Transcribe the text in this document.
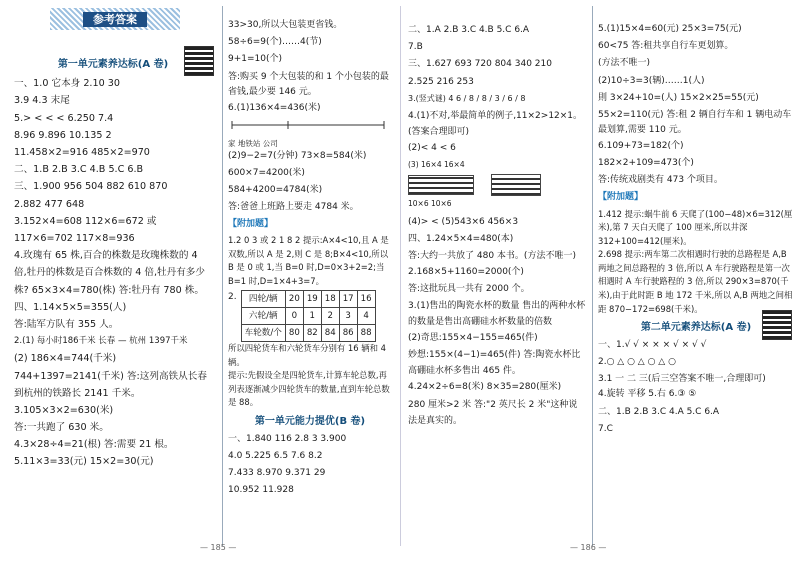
参考答案
第一单元素养达标(A 卷)
一、1.0 它本身 2.10 30
3.9 4.3 末尾
5.> < < < 6.250 7.4
8.96 9.896 10.135 2
11.458×2=916 485×2=970
二、1.B 2.B 3.C 4.B 5.C 6.B
三、1.900 956 504 882 610 870
2.882 477 648
3.152×4=608 112×6=672 或 117×6=702 117×8=936
4.玫瑰有 65 株,百合的株数是玫瑰株数的 4 倍,牡丹的株数是百合株数的 4 倍,牡丹有多少株? 65×3×4=780(株) 答:牡丹有 780 株。
四、1.14×5×5=355(人)
答:陆军方队有 355 人。
2.(1) 每小时186千米 长春 — 杭州 1397千米
(2) 186×4=744(千米) 744+1397=2141(千米) 答:这列高铁从长春到杭州的铁路长 2141 千米。
3.105×3×2=630(米)
答:一共跑了 630 米。
4.3×28÷4=21(根) 答:需要 21 根。
5.11×3=33(元) 15×2=30(元)
33>30,所以大包装更省钱。
58÷6=9(个)……4(节)
9+1=10(个)
答:购买 9 个大包装的和 1 个小包装的最省钱,最少要 146 元。
6.(1)136×4=436(米)
家 地铁站 公司
(2)9−2=7(分钟) 73×8=584(米)
600×7=4200(米)
584+4200=4784(米)
答:爸爸上班路上要走 4784 米。
【附加题】
1.2 0 3 或 2 1 8 2 提示:A×4<10,且 A 是双数,所以 A 是 2,则 C 是 8;B×4<10,所以 B 是 0 或 1,当 B=0 时,D=0×3+2=2;当 B=1 时,D=1×4+3=7。
2. 四轮/辆	20	19	18	17	16
六轮/辆	0	1	2	3	4
车轮数/个	80	82	84	86	88
所以四轮货车和六轮货车分别有 16 辆和 4 辆。
提示:先假设全是四轮货车,计算车轮总数,再列表逐渐减少四轮货车的数量,直到车轮总数是 88。
第一单元能力提优(B 卷)
一、1.840 116 2.8 3 3.900
4.0 5.225 6.5 7.6 8.2
7.433 8.970 9.371 29
10.952 11.928
— 185 —
二、1.A 2.B 3.C 4.B 5.C 6.A
7.B
三、1.627 693 720 804 340 210
2.525 216 253
3.(竖式谜) 4 6 / 8 / 8 / 3 / 6 / 8
4.(1)不对,举最简单的例子,11×2>12×1。(答案合理即可)
(2)< 4 < 6
(3) 16×4 16×4

10×6 10×6
(4)> < (5)543×6 456×3
四、1.24×5×4=480(本)
答:大约一共放了 480 本书。(方法不唯一)
2.168×5+1160=2000(个)
答:这批玩具一共有 2000 个。
3.(1)售出的陶瓷水杯的数量 售出的两种水杯的数量是售出高硼硅水杯数量的倍数
(2)奇思:155×4−155=465(件)
妙想:155×(4−1)=465(件) 答:陶瓷水杯比高硼硅水杯多售出 465 件。
4.24×2÷6=8(米) 8×35=280(厘米)
280 厘米>2 米 答:"2 英尺长 2 米"这种说法是真实的。
5.(1)15×4=60(元) 25×3=75(元)
60<75 答:租共享自行车更划算。
(方法不唯一)
(2)10÷3=3(辆)……1(人)
則 3×24+10=(人) 15×2×25=55(元)
55×2=110(元) 答:租 2 辆自行车和 1 辆电动车最划算,需要 110 元。
6.109+73=182(个)
182×2+109=473(个)
答:传统戏剧类有 473 个项目。
【附加题】
1.412 提示:蜗牛前 6 天爬了(100−48)×6=312(厘米),第 7 天白天爬了 100 厘米,所以井深 312+100=412(厘米)。
2.698 提示:两车第二次相遇时行驶的总路程是 A,B 两地之间总路程的 3 倍,所以 A 车行驶路程是第一次相遇时 A 车行驶路程的 3 倍,所以 290×3=870(千米),由于此时距 B 地 172 千米,所以 A,B 两地之间相距 870−172=698(千米)。
第二单元素养达标(A 卷)
一、1.√ √ × × × √ × √ √
2.○ △ ○ △ ○ △ ○
3.1 一 二 三(后三空答案不唯一,合理即可)
4.旋转 平移 5.右 6.③ ⑤
二、1.B 2.B 3.C 4.A 5.C 6.A
7.C
— 186 —
